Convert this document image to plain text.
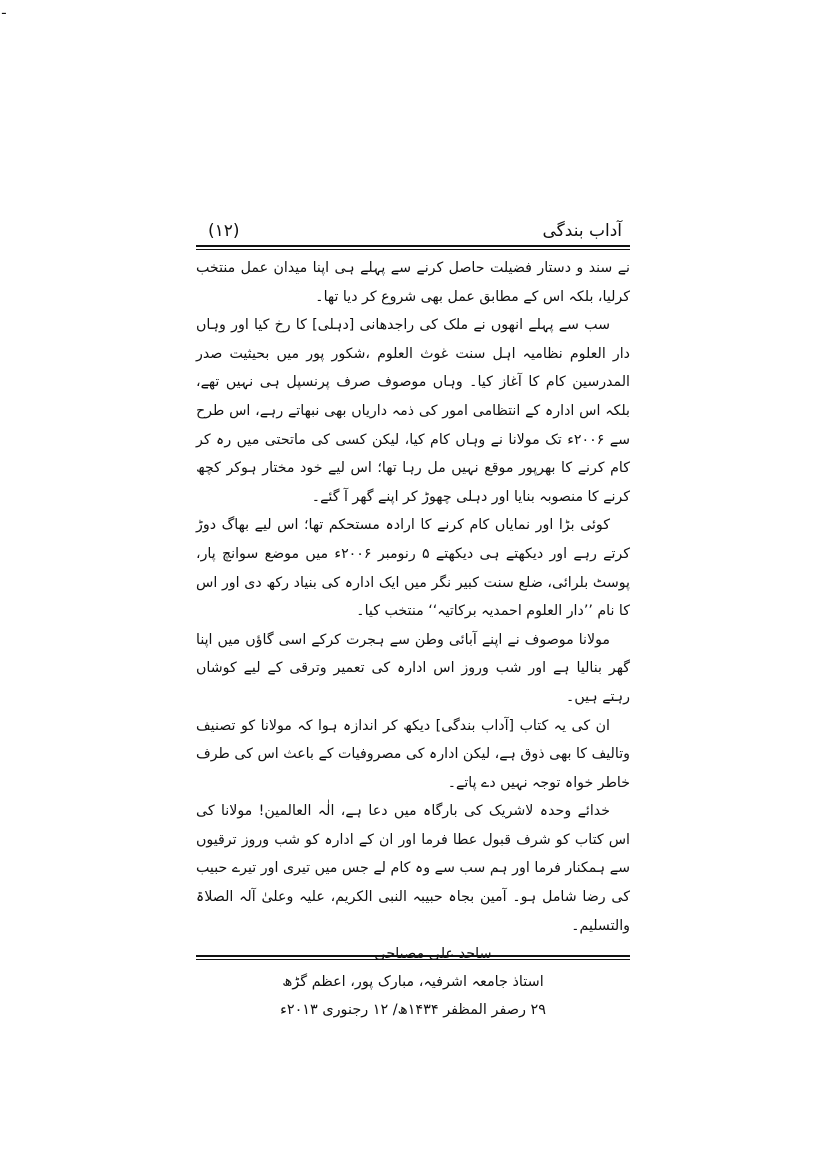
ـ
آداب بندگی
(۱۲)

نے سند و دستار فضیلت حاصل کرنے سے پہلے ہی اپنا میدان عمل منتخب کرلیا، بلکہ اس کے مطابق عمل بھی شروع کر دیا تھا۔

سب سے پہلے انھوں نے ملک کی راجدھانی [دہلی] کا رخ کیا اور وہاں دار العلوم نظامیہ اہل سنت غوث العلوم ،شکور پور میں بحیثیت صدر المدرسین کام کا آغاز کیا۔ وہاں موصوف صرف پرنسپل ہی نہیں تھے، بلکہ اس ادارہ کے انتظامی امور کی ذمہ داریاں بھی نبھاتے رہے، اس طرح سے ۲۰۰۶ء تک مولانا نے وہاں کام کیا، لیکن کسی کی ماتحتی میں رہ کر کام کرنے کا بھرپور موقع نہیں مل رہا تھا؛ اس لیے خود مختار ہوکر کچھ کرنے کا منصوبہ بنایا اور دہلی چھوڑ کر اپنے گھر آ گئے۔

کوئی بڑا اور نمایاں کام کرنے کا ارادہ مستحکم تھا؛ اس لیے بھاگ دوڑ کرتے رہے اور دیکھتے ہی دیکھتے ۵ رنومبر ۲۰۰۶ء میں موضع سوانچ پار، پوسٹ بلرائی، ضلع سنت کبیر نگر میں ایک ادارہ کی بنیاد رکھ دی اور اس کا نام ’’دار العلوم احمدیہ برکاتیہ‘‘ منتخب کیا۔

مولانا موصوف نے اپنے آبائی وطن سے ہجرت کرکے اسی گاؤں میں اپنا گھر بنالیا ہے اور شب وروز اس ادارہ کی تعمیر وترقی کے لیے کوشاں رہتے ہیں۔

ان کی یہ کتاب [آداب بندگی] دیکھ کر اندازہ ہوا کہ مولانا کو تصنیف وتالیف کا بھی ذوق ہے، لیکن ادارہ کی مصروفیات کے باعث اس کی طرف خاطر خواہ توجہ نہیں دے پاتے۔

خدائے وحدہ لاشریک کی بارگاہ میں دعا ہے، الٰہ العالمین! مولانا کی اس کتاب کو شرف قبول عطا فرما اور ان کے ادارہ کو شب وروز ترقیوں سے ہمکنار فرما اور ہم سب سے وہ کام لے جس میں تیری اور تیرے حبیب کی رضا شامل ہو۔ آمین بجاہ حبیبہ النبی الکریم، علیہ وعلیٰ آلہ الصلاۃ والتسلیم۔

ساجد علی مصباحی
استاذ جامعہ اشرفیہ، مبارک پور، اعظم گڑھ
۲۹ رصفر المظفر ۱۴۳۴ھ/ ۱۲ رجنوری ۲۰۱۳ء
